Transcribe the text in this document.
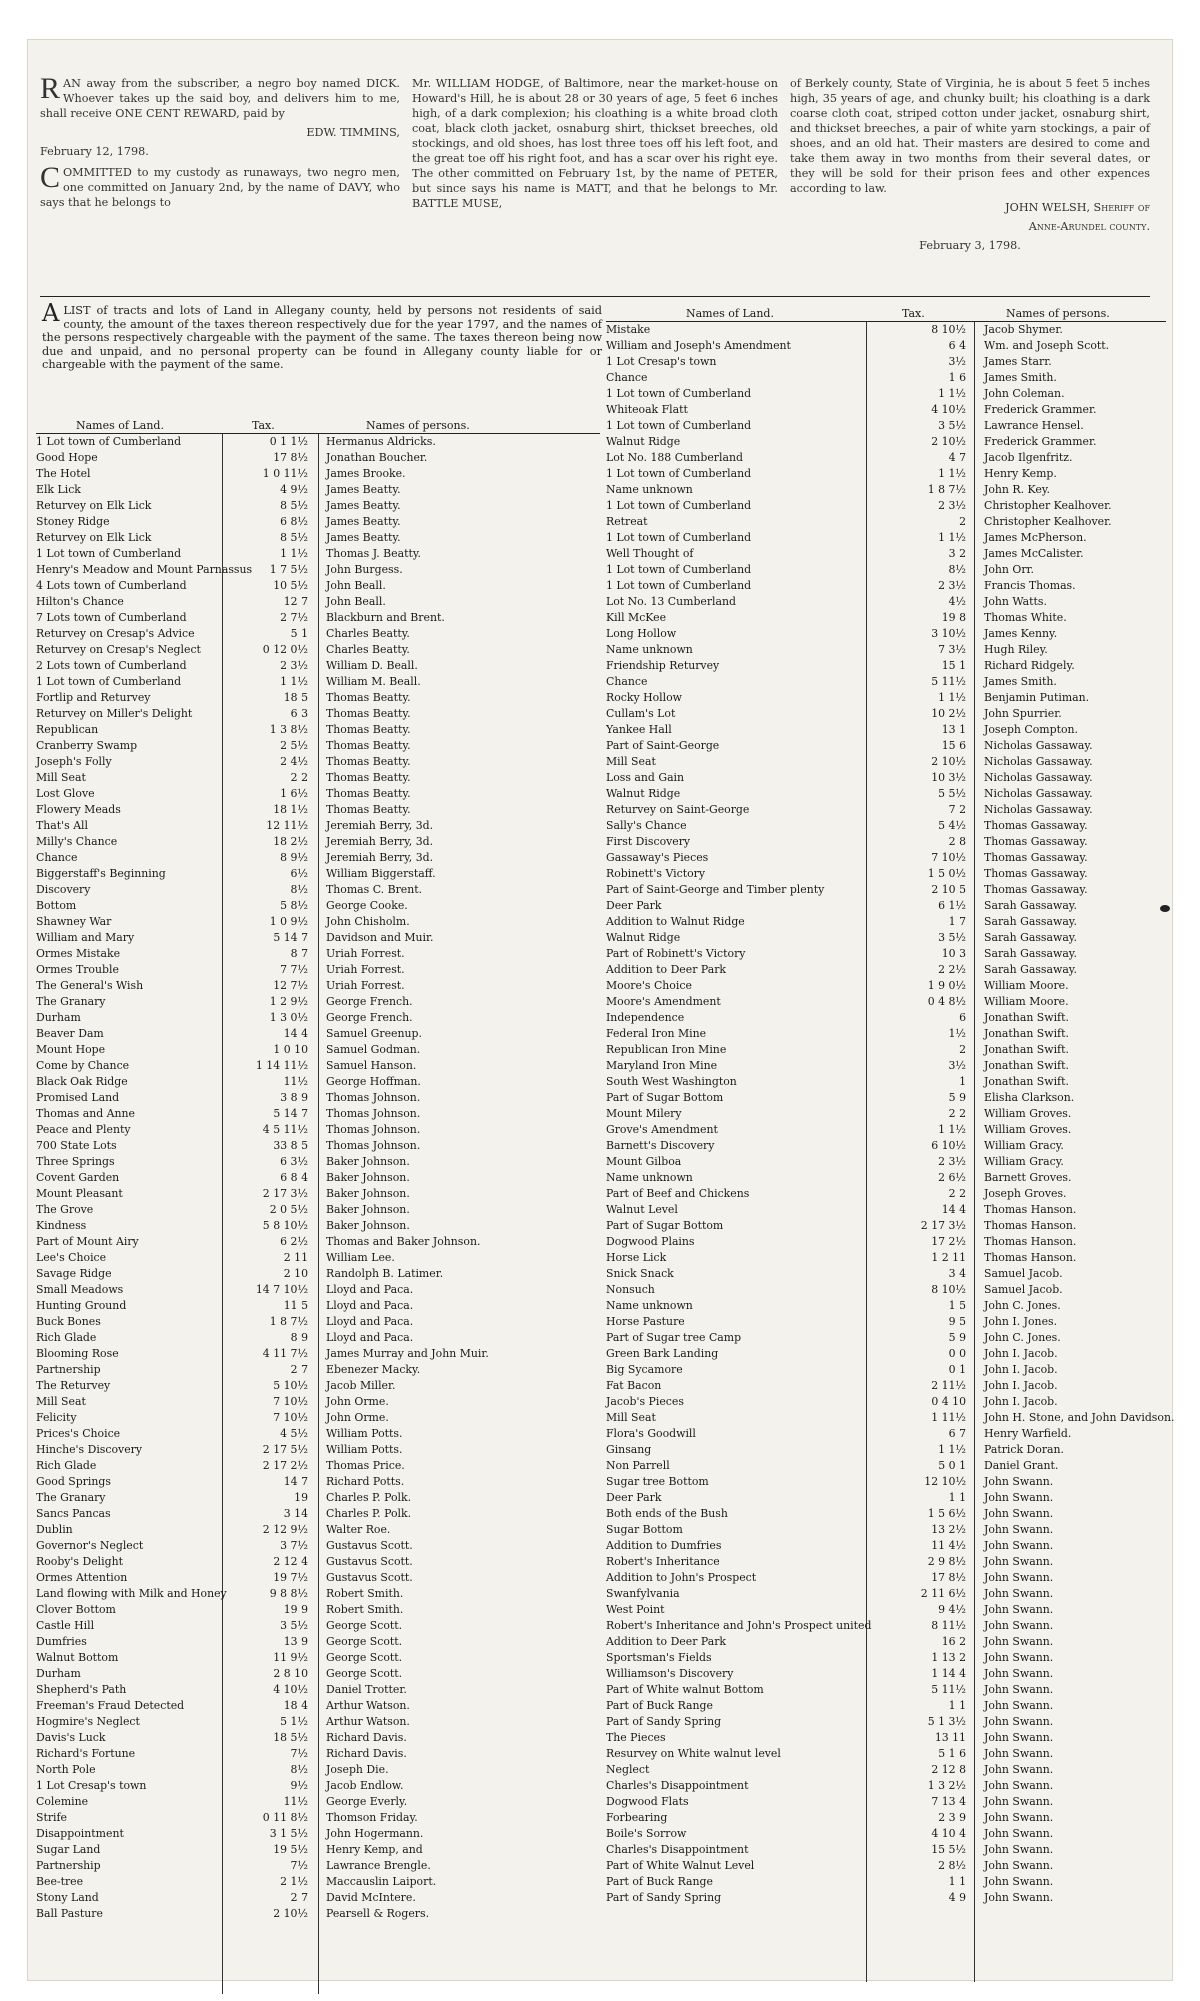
RAN away from the subscriber, a negro boy named DICK. Whoever takes up the said boy, and delivers him to me, shall receive ONE CENT REWARD, paid by

EDW. TIMMINS,

February 12, 1798.

COMMITTED to my custody as runaways, two negro men, one committed on January 2nd, by the name of DAVY, who says that he belongs to

Mr. WILLIAM HODGE, of Baltimore, near the market-house on Howard's Hill, he is about 28 or 30 years of age, 5 feet 6 inches high, of a dark complexion; his cloathing is a white broad cloth coat, black cloth jacket, osnaburg shirt, thickset breeches, old stockings, and old shoes, has lost three toes off his left foot, and the great toe off his right foot, and has a scar over his right eye. The other committed on February 1st, by the name of PETER, but since says his name is MATT, and that he belongs to Mr. BATTLE MUSE,

of Berkely county, State of Virginia, he is about 5 feet 5 inches high, 35 years of age, and chunky built; his cloathing is a dark coarse cloth coat, striped cotton under jacket, osnaburg shirt, and thickset breeches, a pair of white yarn stockings, a pair of shoes, and an old hat. Their masters are desired to come and take them away in two months from their several dates, or they will be sold for their prison fees and other expences according to law.

JOHN WELSH, Sheriff of

Anne-Arundel county.

February 3, 1798.

ALIST of tracts and lots of Land in Allegany county, held by persons not residents of said county, the amount of the taxes thereon respectively due for the year 1797, and the names of the persons respectively chargeable with the payment of the same. The taxes thereon being now due and unpaid, and no personal property can be found in Allegany county liable for or chargeable with the payment of the same.
Names of Land.	Tax.	Names of persons.
1 Lot town of Cumberland	0 1 1½ Hermanus Aldricks.
Good Hope	17 8½ Jonathan Boucher.
The Hotel	1 0 11½ James Brooke.
Elk Lick	4 9½ James Beatty.
Returvey on Elk Lick	8 5½ James Beatty.
Stoney Ridge	6 8½ James Beatty.
Returvey on Elk Lick	8 5½ James Beatty.
1 Lot town of Cumberland	1 1½ Thomas J. Beatty.
Henry's Meadow and Mount Parnassus	1 7 5½ John Burgess.
4 Lots town of Cumberland	10 5½ John Beall.
Hilton's Chance	12 7 John Beall.
7 Lots town of Cumberland	2 7½ Blackburn and Brent.
Returvey on Cresap's Advice	5 1 Charles Beatty.
Returvey on Cresap's Neglect	0 12 0½ Charles Beatty.
2 Lots town of Cumberland	2 3½ William D. Beall.
1 Lot town of Cumberland	1 1½ William M. Beall.
Fortlip and Returvey	18 5 Thomas Beatty.
Returvey on Miller's Delight	6 3 Thomas Beatty.
Republican	1 3 8½ Thomas Beatty.
Cranberry Swamp	2 5½ Thomas Beatty.
Joseph's Folly	2 4½ Thomas Beatty.
Mill Seat	2 2 Thomas Beatty.
Lost Glove	1 6½ Thomas Beatty.
Flowery Meads	18 1½ Thomas Beatty.
That's All	12 11½ Jeremiah Berry, 3d.
Milly's Chance	18 2½ Jeremiah Berry, 3d.
Chance	8 9½ Jeremiah Berry, 3d.
Biggerstaff's Beginning	6½ William Biggerstaff.
Discovery	8½ Thomas C. Brent.
Bottom	5 8½ George Cooke.
Shawney War	1 0 9½ John Chisholm.
William and Mary	5 14 7 Davidson and Muir.
Ormes Mistake	8 7 Uriah Forrest.
Ormes Trouble	7 7½ Uriah Forrest.
The General's Wish	12 7½ Uriah Forrest.
The Granary	1 2 9½ George French.
Durham	1 3 0½ George French.
Beaver Dam	14 4 Samuel Greenup.
Mount Hope	1 0 10 Samuel Godman.
Come by Chance	1 14 11½ Samuel Hanson.
Black Oak Ridge	11½ George Hoffman.
Promised Land	3 8 9 Thomas Johnson.
Thomas and Anne	5 14 7 Thomas Johnson.
Peace and Plenty	4 5 11½ Thomas Johnson.
700 State Lots	33 8 5 Thomas Johnson.
Three Springs	6 3½ Baker Johnson.
Covent Garden	6 8 4 Baker Johnson.
Mount Pleasant	2 17 3½ Baker Johnson.
The Grove	2 0 5½ Baker Johnson.
Kindness	5 8 10½ Baker Johnson.
Part of Mount Airy	6 2½ Thomas and Baker Johnson.
Lee's Choice	2 11 William Lee.
Savage Ridge	2 10 Randolph B. Latimer.
Small Meadows	14 7 10½ Lloyd and Paca.
Hunting Ground	11 5 Lloyd and Paca.
Buck Bones	1 8 7½ Lloyd and Paca.
Rich Glade	8 9 Lloyd and Paca.
Blooming Rose	4 11 7½ James Murray and John Muir.
Partnership	2 7 Ebenezer Macky.
The Returvey	5 10½ Jacob Miller.
Mill Seat	7 10½ John Orme.
Felicity	7 10½ John Orme.
Prices's Choice	4 5½ William Potts.
Hinche's Discovery	2 17 5½ William Potts.
Rich Glade	2 17 2½ Thomas Price.
Good Springs	14 7 Richard Potts.
The Granary	19 Charles P. Polk.
Sancs Pancas	3 14 Charles P. Polk.
Dublin	2 12 9½ Walter Roe.
Governor's Neglect	3 7½ Gustavus Scott.
Rooby's Delight	2 12 4 Gustavus Scott.
Ormes Attention	19 7½ Gustavus Scott.
Land flowing with Milk and Honey	9 8 8½ Robert Smith.
Clover Bottom	19 9 Robert Smith.
Castle Hill	3 5½ George Scott.
Dumfries	13 9 George Scott.
Walnut Bottom	11 9½ George Scott.
Durham	2 8 10 George Scott.
Shepherd's Path	4 10½ Daniel Trotter.
Freeman's Fraud Detected	18 4 Arthur Watson.
Hogmire's Neglect	5 1½ Arthur Watson.
Davis's Luck	18 5½ Richard Davis.
Richard's Fortune	7½ Richard Davis.
North Pole	8½ Joseph Die.
1 Lot Cresap's town	9½ Jacob Endlow.
Colemine	11½ George Everly.
Strife	0 11 8½ Thomson Friday.
Disappointment	3 1 5½ John Hogermann.
Sugar Land	19 5½ Henry Kemp, and
Partnership	7½ Lawrance Brengle.
Bee-tree	2 1½ Maccauslin Laiport.
Stony Land	2 7 David McIntere.
Ball Pasture	2 10½ Pearsell & Rogers.
Names of Land.	Tax.	Names of persons.
Mistake	8 10½ Jacob Shymer.
William and Joseph's Amendment	6 4 Wm. and Joseph Scott.
1 Lot Cresap's town	3½ James Starr.
Chance	1 6 James Smith.
1 Lot town of Cumberland	1 1½ John Coleman.
Whiteoak Flatt	4 10½ Frederick Grammer.
1 Lot town of Cumberland	3 5½ Lawrance Hensel.
Walnut Ridge	2 10½ Frederick Grammer.
Lot No. 188 Cumberland	4 7 Jacob Ilgenfritz.
1 Lot town of Cumberland	1 1½ Henry Kemp.
Name unknown	1 8 7½ John R. Key.
1 Lot town of Cumberland	2 3½ Christopher Kealhover.
Retreat	2 Christopher Kealhover.
1 Lot town of Cumberland	1 1½ James McPherson.
Well Thought of	3 2 James McCalister.
1 Lot town of Cumberland	8½ John Orr.
1 Lot town of Cumberland	2 3½ Francis Thomas.
Lot No. 13 Cumberland	4½ John Watts.
Kill McKee	19 8 Thomas White.
Long Hollow	3 10½ James Kenny.
Name unknown	7 3½ Hugh Riley.
Friendship Returvey	15 1 Richard Ridgely.
Chance	5 11½ James Smith.
Rocky Hollow	1 1½ Benjamin Putiman.
Cullam's Lot	10 2½ John Spurrier.
Yankee Hall	13 1 Joseph Compton.
Part of Saint-George	15 6 Nicholas Gassaway.
Mill Seat	2 10½ Nicholas Gassaway.
Loss and Gain	10 3½ Nicholas Gassaway.
Walnut Ridge	5 5½ Nicholas Gassaway.
Returvey on Saint-George	7 2 Nicholas Gassaway.
Sally's Chance	5 4½ Thomas Gassaway.
First Discovery	2 8 Thomas Gassaway.
Gassaway's Pieces	7 10½ Thomas Gassaway.
Robinett's Victory	1 5 0½ Thomas Gassaway.
Part of Saint-George and Timber plenty	2 10 5 Thomas Gassaway.
Deer Park	6 1½ Sarah Gassaway.
Addition to Walnut Ridge	1 7 Sarah Gassaway.
Walnut Ridge	3 5½ Sarah Gassaway.
Part of Robinett's Victory	10 3 Sarah Gassaway.
Addition to Deer Park	2 2½ Sarah Gassaway.
Moore's Choice	1 9 0½ William Moore.
Moore's Amendment	0 4 8½ William Moore.
Independence	6 Jonathan Swift.
Federal Iron Mine	1½ Jonathan Swift.
Republican Iron Mine	2 Jonathan Swift.
Maryland Iron Mine	3½ Jonathan Swift.
South West Washington	1 Jonathan Swift.
Part of Sugar Bottom	5 9 Elisha Clarkson.
Mount Milery	2 2 William Groves.
Grove's Amendment	1 1½ William Groves.
Barnett's Discovery	6 10½ William Gracy.
Mount Gilboa	2 3½ William Gracy.
Name unknown	2 6½ Barnett Groves.
Part of Beef and Chickens	2 2 Joseph Groves.
Walnut Level	14 4 Thomas Hanson.
Part of Sugar Bottom	2 17 3½ Thomas Hanson.
Dogwood Plains	17 2½ Thomas Hanson.
Horse Lick	1 2 11 Thomas Hanson.
Snick Snack	3 4 Samuel Jacob.
Nonsuch	8 10½ Samuel Jacob.
Name unknown	1 5 John C. Jones.
Horse Pasture	9 5 John I. Jones.
Part of Sugar tree Camp	5 9 John C. Jones.
Green Bark Landing	0 0 John I. Jacob.
Big Sycamore	0 1 John I. Jacob.
Fat Bacon	2 11½ John I. Jacob.
Jacob's Pieces	0 4 10 John I. Jacob.
Mill Seat	1 11½ John H. Stone, and John Davidson.
Flora's Goodwill	6 7 Henry Warfield.
Ginsang	1 1½ Patrick Doran.
Non Parrell	5 0 1 Daniel Grant.
Sugar tree Bottom	12 10½ John Swann.
Deer Park	1 1 John Swann.
Both ends of the Bush	1 5 6½ John Swann.
Sugar Bottom	13 2½ John Swann.
Addition to Dumfries	11 4½ John Swann.
Robert's Inheritance	2 9 8½ John Swann.
Addition to John's Prospect	17 8½ John Swann.
Swanfylvania	2 11 6½ John Swann.
West Point	9 4½ John Swann.
Robert's Inheritance and John's Prospect united	8 11½ John Swann.
Addition to Deer Park	16 2 John Swann.
Sportsman's Fields	1 13 2 John Swann.
Williamson's Discovery	1 14 4 John Swann.
Part of White walnut Bottom	5 11½ John Swann.
Part of Buck Range	1 1 John Swann.
Part of Sandy Spring	5 1 3½ John Swann.
The Pieces	13 11 John Swann.
Resurvey on White walnut level	5 1 6 John Swann.
Neglect	2 12 8 John Swann.
Charles's Disappointment	1 3 2½ John Swann.
Dogwood Flats	7 13 4 John Swann.
Forbearing	2 3 9 John Swann.
Boile's Sorrow	4 10 4 John Swann.
Charles's Disappointment	15 5½ John Swann.
Part of White Walnut Level	2 8½ John Swann.
Part of Buck Range	1 1 John Swann.
Part of Sandy Spring	4 9 John Swann.
